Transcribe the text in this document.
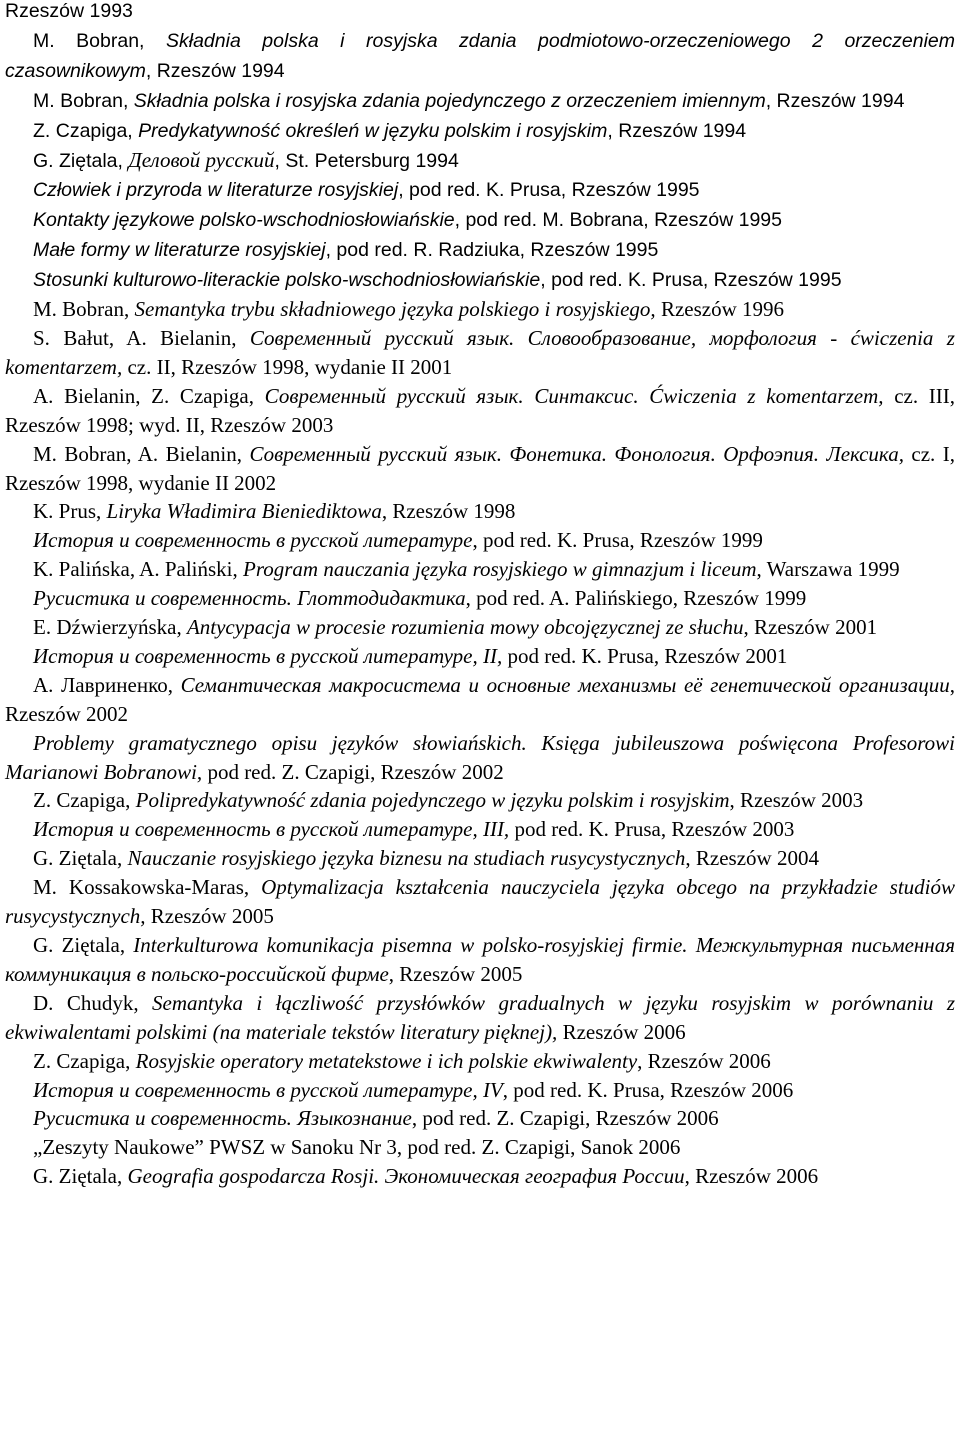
Rzeszów 1993

M. Bobran, Składnia polska i rosyjska zdania podmiotowo-orzeczeniowego 2 orzeczeniem czasownikowym, Rzeszów 1994

M. Bobran, Składnia polska i rosyjska zdania pojedynczego z orzeczeniem imiennym, Rzeszów 1994

Z. Czapiga, Predykatywność określeń w języku polskim i rosyjskim, Rzeszów 1994

G. Ziętala, Деловой русский, St. Petersburg 1994

Człowiek i przyroda w literaturze rosyjskiej, pod red. K. Prusa, Rzeszów 1995

Kontakty językowe polsko-wschodniosłowiańskie, pod red. M. Bobrana, Rzeszów 1995

Małe formy w literaturze rosyjskiej, pod red. R. Radziuka, Rzeszów 1995

Stosunki kulturowo-literackie polsko-wschodniosłowiańskie, pod red. K. Prusa, Rzeszów 1995

M. Bobran, Semantyka trybu składniowego języka polskiego i rosyjskiego, Rzeszów 1996

S. Bałut, A. Bielanin, Современный русский язык. Словообразование, морфология - ćwiczenia z komentarzem, cz. II, Rzeszów 1998, wydanie II 2001

A. Bielanin, Z. Czapiga, Современный русский язык. Синтаксис. Ćwiczenia z komentarzem, cz. III, Rzeszów 1998; wyd. II, Rzeszów 2003

M. Bobran, A. Bielanin, Современный русский язык. Фонетика. Фонология. Орфоэпия. Лексика, cz. I, Rzeszów 1998, wydanie II 2002

K. Prus, Liryka Władimira Bieniediktowa, Rzeszów 1998

История и современность в русской литературе, pod red. K. Prusa, Rzeszów 1999

K. Palińska, A. Paliński, Program nauczania języka rosyjskiego w gimnazjum i liceum, Warszawa 1999

Русистика и современность. Глоттодидактика, pod red. A. Palińskiego, Rzeszów 1999

E. Dźwierzyńska, Antycypacja w procesie rozumienia mowy obcojęzycznej ze słuchu, Rzeszów 2001

История и современность в русской литературе, II, pod red. K. Prusa, Rzeszów 2001

А. Лавриненко, Семантическая макросистема и основные механизмы её генетической организации, Rzeszów 2002

Problemy gramatycznego opisu języków słowiańskich. Księga jubileuszowa poświęcona Profesorowi Marianowi Bobranowi, pod red. Z. Czapigi, Rzeszów 2002

Z. Czapiga, Polipredykatywność zdania pojedynczego w języku polskim i rosyjskim, Rzeszów 2003

История и современность в русской литературе, III, pod red. K. Prusa, Rzeszów 2003

G. Ziętala, Nauczanie rosyjskiego języka biznesu na studiach rusycystycznych, Rzeszów 2004

M. Kossakowska-Maras, Optymalizacja kształcenia nauczyciela języka obcego na przykładzie studiów rusycystycznych, Rzeszów 2005

G. Ziętala, Interkulturowa komunikacja pisemna w polsko-rosyjskiej firmie. Межкультурная письменная коммуникация в польско-российской фирме, Rzeszów 2005

D. Chudyk, Semantyka i łączliwość przysłówków gradualnych w języku rosyjskim w porównaniu z ekwiwalentami polskimi (na materiale tekstów literatury pięknej), Rzeszów 2006

Z. Czapiga, Rosyjskie operatory metatekstowe i ich polskie ekwiwalenty, Rzeszów 2006

История и современность в русской литературе, IV, pod red. K. Prusa, Rzeszów 2006

Русистика и современность. Языкознание, pod red. Z. Czapigi, Rzeszów 2006

„Zeszyty Naukowe” PWSZ w Sanoku Nr 3, pod red. Z. Czapigi, Sanok 2006

G. Ziętala, Geografia gospodarcza Rosji. Экономическая география России, Rzeszów 2006
